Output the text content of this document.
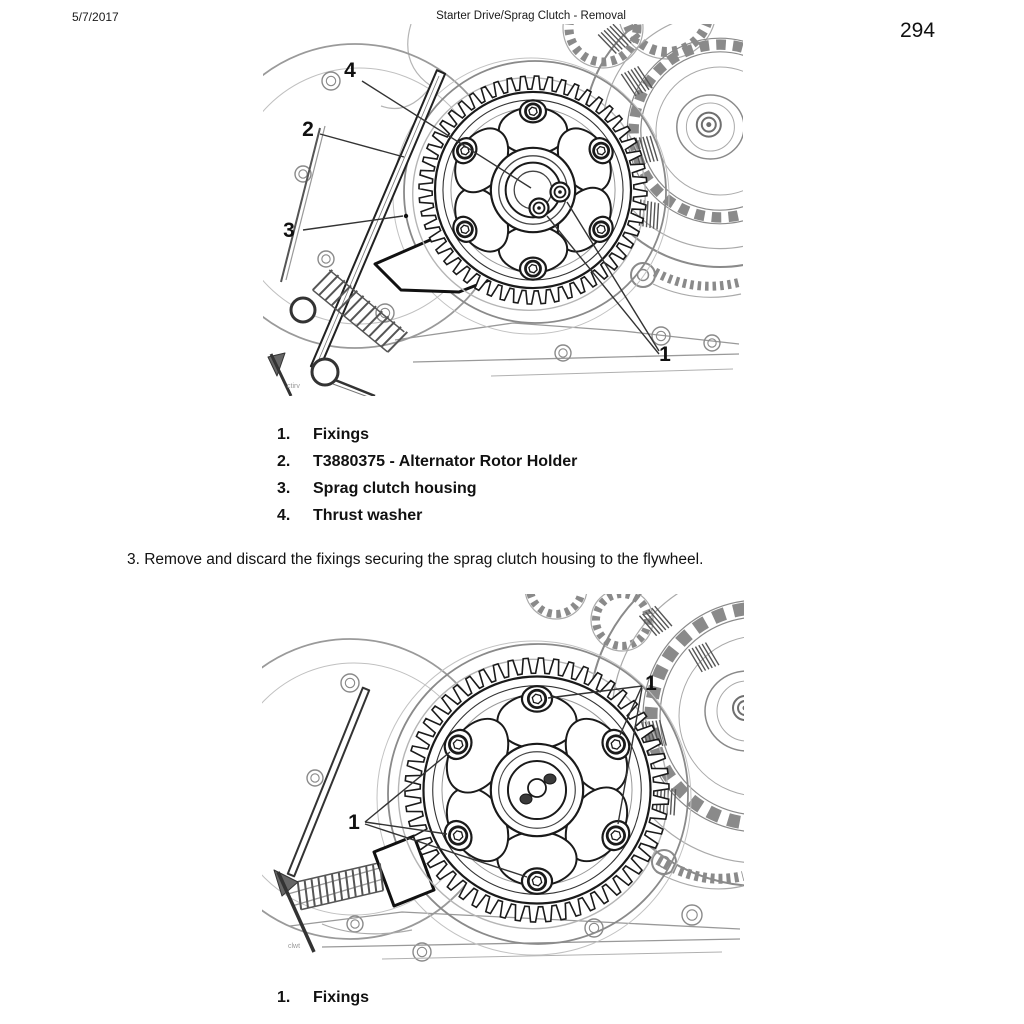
5/7/2017	Starter Drive/Sprag Clutch - Removal
294
ctirv
4
2
3
1
1.	Fixings
2.	T3880375 - Alternator Rotor Holder
3.	Sprag clutch housing
4.	Thrust washer
3. Remove and discard the fixings securing the sprag clutch housing to the flywheel.
clwt
1
1
1.	Fixings
